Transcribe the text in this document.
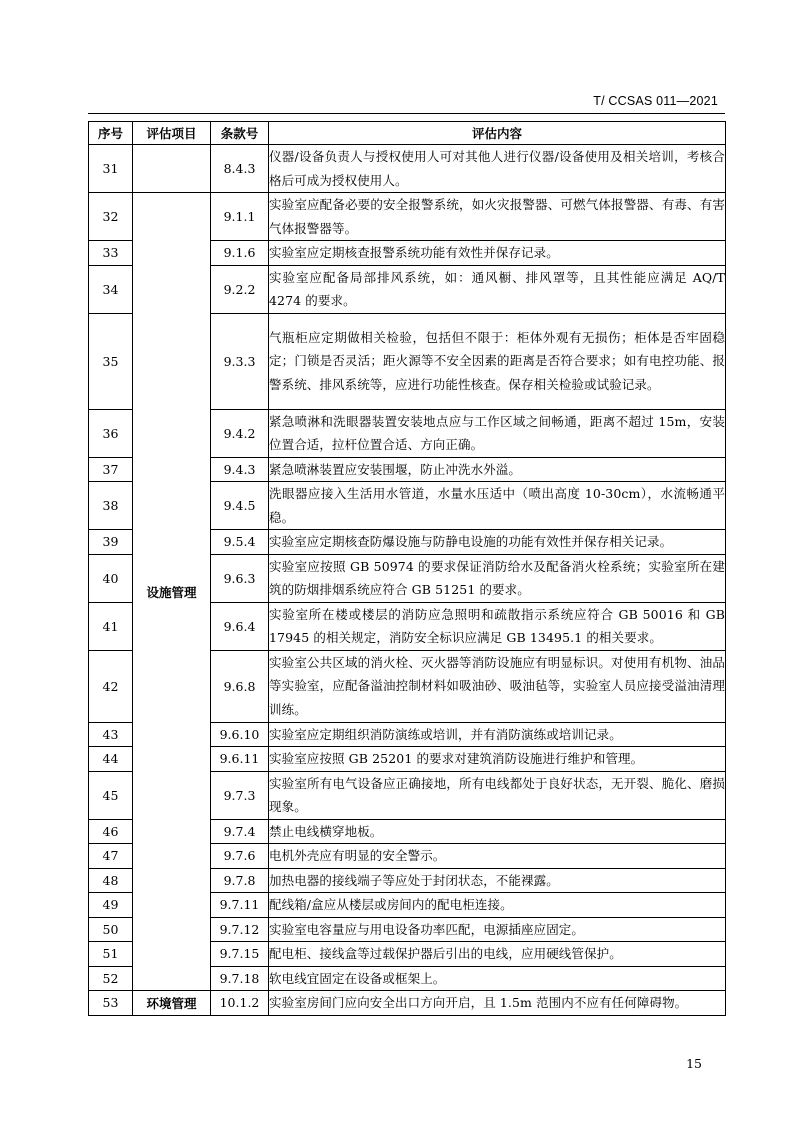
T/ CCSAS 011—2021
序号	评估项目	条款号	评估内容
31		8.4.3	仪器/设备负责人与授权使用人可对其他人进行仪器/设备使用及相关培训，考核合格后可成为授权使用人。
32	设施管理	9.1.1	实验室应配备必要的安全报警系统，如火灾报警器、可燃气体报警器、有毒、有害气体报警器等。
33		9.1.6	实验室应定期核查报警系统功能有效性并保存记录。
34		9.2.2	实验室应配备局部排风系统，如：通风橱、排风罩等，且其性能应满足 AQ/T 4274 的要求。
35		9.3.3	气瓶柜应定期做相关检验，包括但不限于：柜体外观有无损伤；柜体是否牢固稳定；门锁是否灵活；距火源等不安全因素的距离是否符合要求；如有电控功能、报警系统、排风系统等，应进行功能性核查。保存相关检验或试验记录。
36		9.4.2	紧急喷淋和洗眼器装置安装地点应与工作区域之间畅通，距离不超过 15m，安装位置合适，拉杆位置合适、方向正确。
37		9.4.3	紧急喷淋装置应安装围堰，防止冲洗水外溢。
38		9.4.5	洗眼器应接入生活用水管道，水量水压适中（喷出高度 10-30cm），水流畅通平稳。
39		9.5.4	实验室应定期核查防爆设施与防静电设施的功能有效性并保存相关记录。
40		9.6.3	实验室应按照 GB 50974 的要求保证消防给水及配备消火栓系统；实验室所在建筑的防烟排烟系统应符合 GB 51251 的要求。
41		9.6.4	实验室所在楼或楼层的消防应急照明和疏散指示系统应符合 GB 50016 和 GB 17945 的相关规定，消防安全标识应满足 GB 13495.1 的相关要求。
42		9.6.8	实验室公共区域的消火栓、灭火器等消防设施应有明显标识。对使用有机物、油品等实验室，应配备溢油控制材料如吸油砂、吸油毡等，实验室人员应接受溢油清理训练。
43		9.6.10	实验室应定期组织消防演练或培训，并有消防演练或培训记录。
44		9.6.11	实验室应按照 GB 25201 的要求对建筑消防设施进行维护和管理。
45		9.7.3	实验室所有电气设备应正确接地，所有电线都处于良好状态，无开裂、脆化、磨损现象。
46		9.7.4	禁止电线横穿地板。
47		9.7.6	电机外壳应有明显的安全警示。
48		9.7.8	加热电器的接线端子等应处于封闭状态，不能裸露。
49		9.7.11	配线箱/盒应从楼层或房间内的配电柜连接。
50		9.7.12	实验室电容量应与用电设备功率匹配，电源插座应固定。
51		9.7.15	配电柜、接线盒等过载保护器后引出的电线，应用硬线管保护。
52		9.7.18	软电线宜固定在设备或框架上。
53	环境管理	10.1.2	实验室房间门应向安全出口方向开启，且 1.5m 范围内不应有任何障碍物。
15
